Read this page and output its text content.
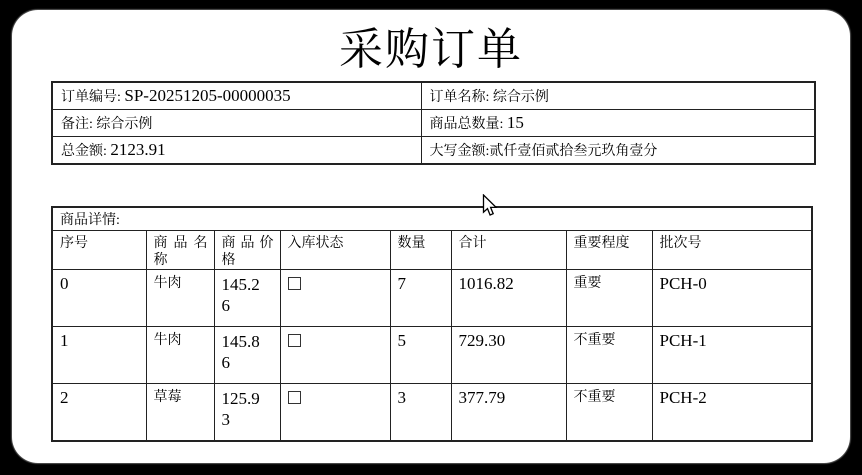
采购订单
订单编号: SP-20251205-00000035	订单名称: 综合示例
备注: 综合示例	商品总数量: 15
总金额: 2123.91	大写金额:贰仟壹佰贰拾叁元玖角壹分
商品详情:							
序号	商品名称	商品价格	入库状态	数量	合计	重要程度	批次号
0	牛肉	145.26		7	1016.82	重要	PCH-0
1	牛肉	145.86		5	729.30	不重要	PCH-1
2	草莓	125.93		3	377.79	不重要	PCH-2
